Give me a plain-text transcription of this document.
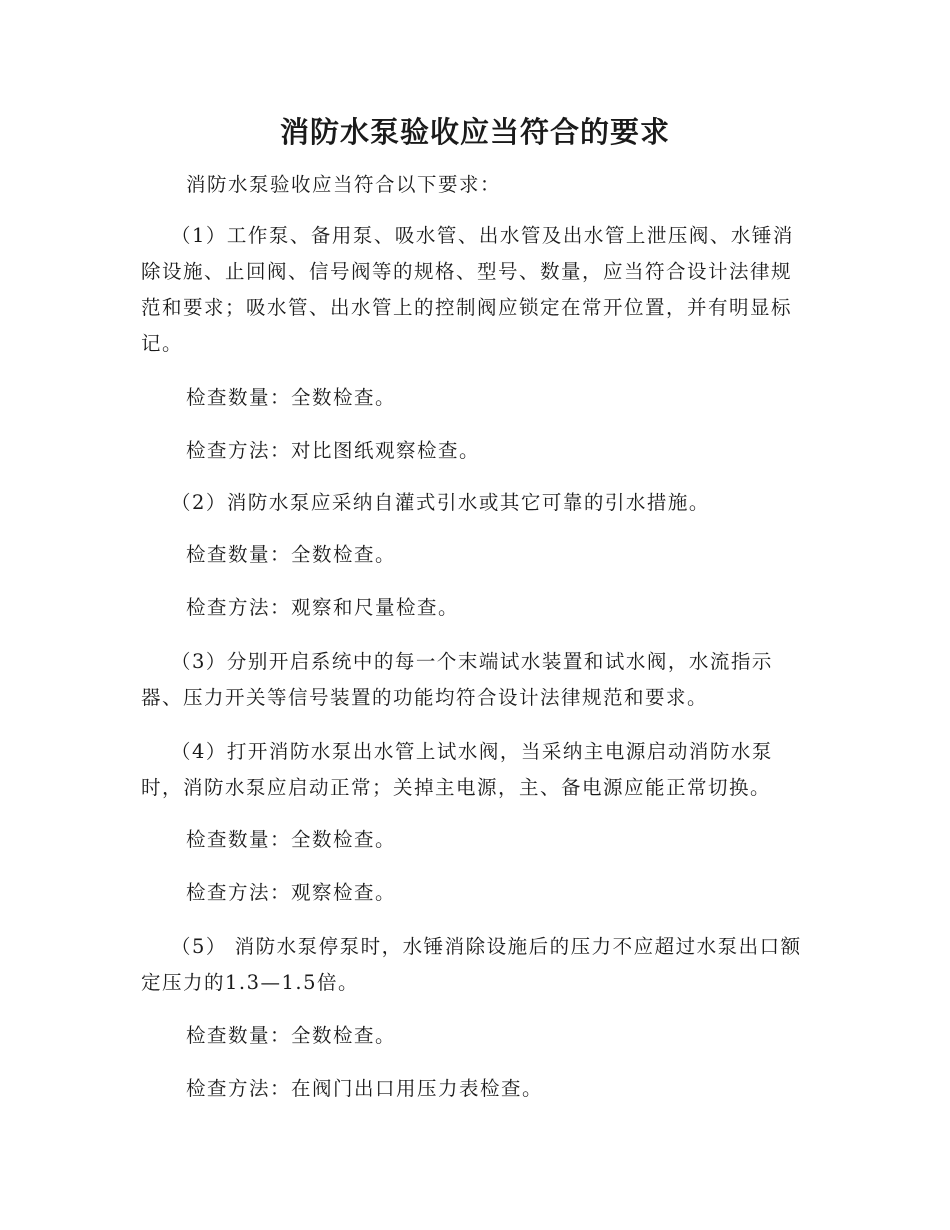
消防水泵验收应当符合的要求

消防水泵验收应当符合以下要求：

（1）工作泵、备用泵、吸水管、出水管及出水管上泄压阀、水锤消除设施、止回阀、信号阀等的规格、型号、数量，应当符合设计法律规范和要求；吸水管、出水管上的控制阀应锁定在常开位置，并有明显标记。

检查数量：全数检查。

检查方法：对比图纸观察检查。

（2）消防水泵应采纳自灌式引水或其它可靠的引水措施。

检查数量：全数检查。

检查方法：观察和尺量检查。

（3）分别开启系统中的每一个末端试水装置和试水阀，水流指示器、压力开关等信号装置的功能均符合设计法律规范和要求。

（4）打开消防水泵出水管上试水阀，当采纳主电源启动消防水泵时，消防水泵应启动正常；关掉主电源，主、备电源应能正常切换。

检查数量：全数检查。

检查方法：观察检查。

（5） 消防水泵停泵时，水锤消除设施后的压力不应超过水泵出口额定压力的1.3—1.5倍。

检查数量：全数检查。

检查方法：在阀门出口用压力表检查。
